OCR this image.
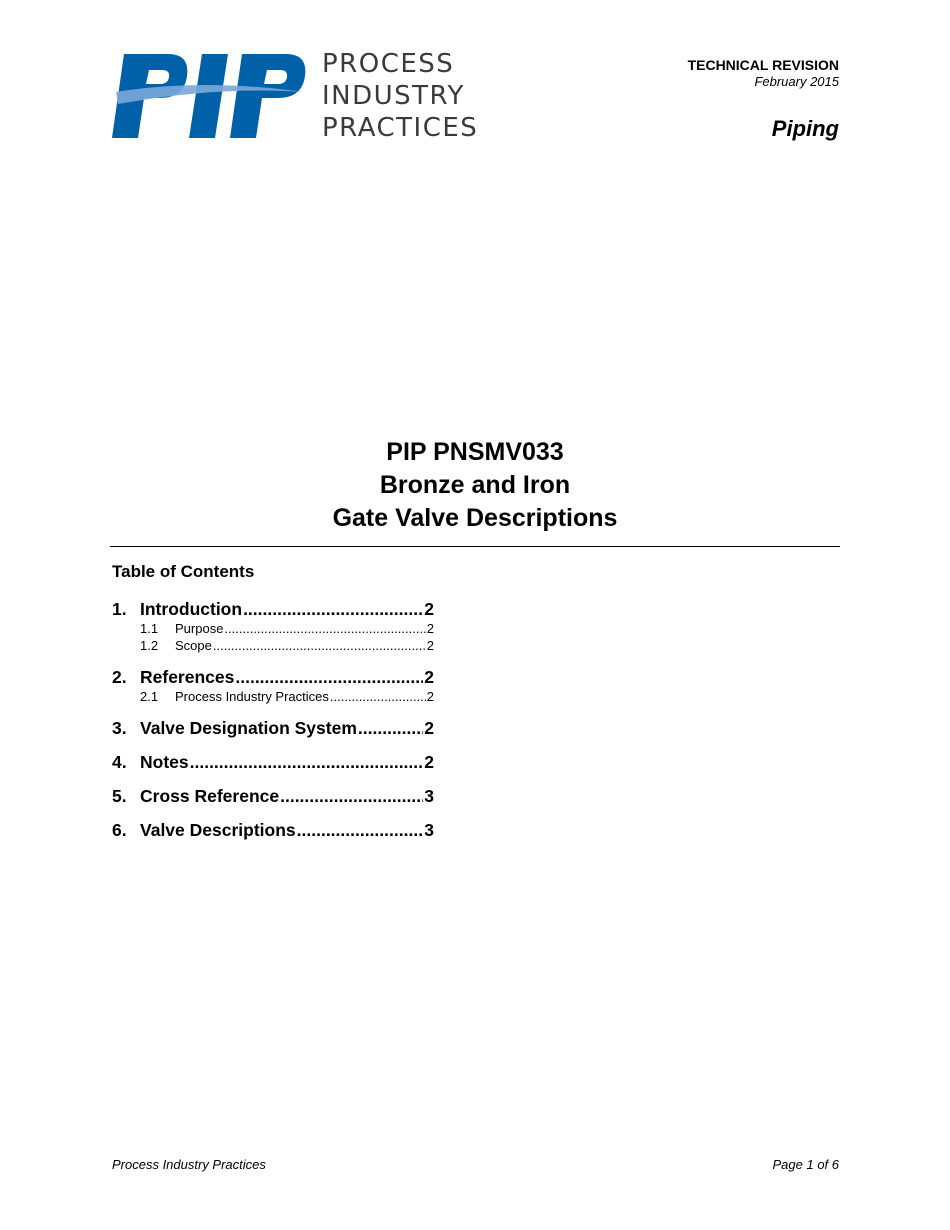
PROCESS
INDUSTRY
PRACTICES
TECHNICAL REVISION
February 2015
Piping
PIP PNSMV033
Bronze and Iron
Gate Valve Descriptions
Table of Contents
1. Introduction .....	2
1.1	Purpose .....	2
1.2	Scope .....	2
2. References .....	2
2.1	Process Industry Practices .....	2
3. Valve Designation System .....	2
4. Notes .....	2
5. Cross Reference .....	3
6. Valve Descriptions .....	3
Process Industry Practices	Page 1 of 6
